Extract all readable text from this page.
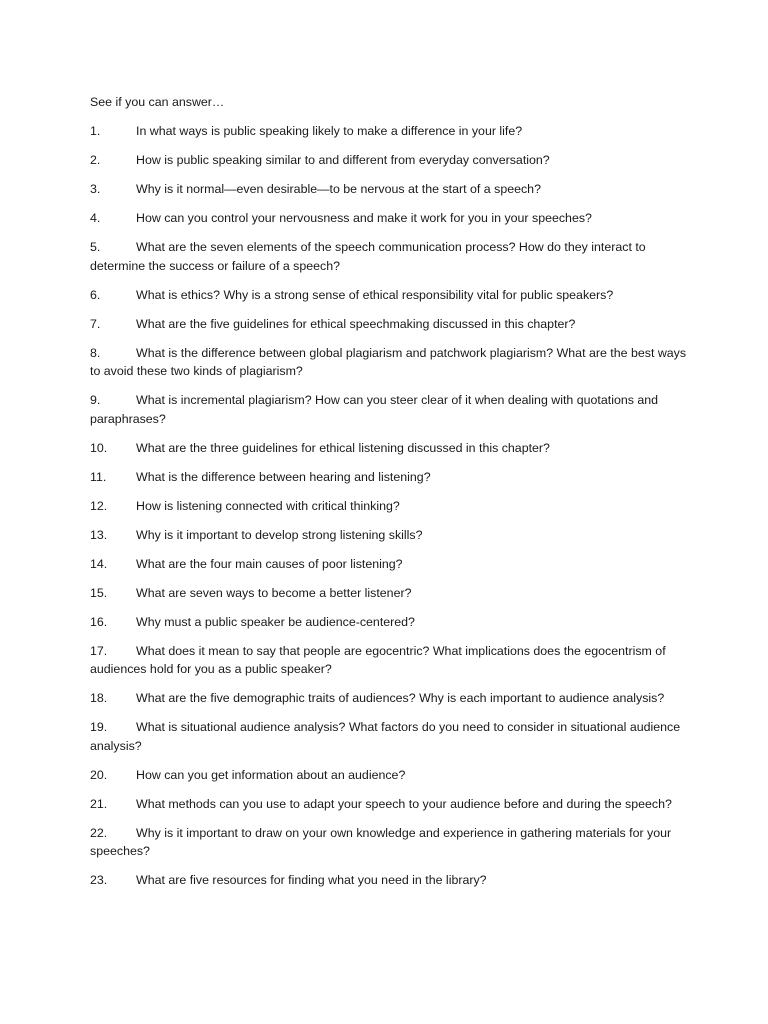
See if you can answer…

1.	In what ways is public speaking likely to make a difference in your life?

2.	How is public speaking similar to and different from everyday conversation?

3.	Why is it normal—even desirable—to be nervous at the start of a speech?

4.	How can you control your nervousness and make it work for you in your speeches?

5.	What are the seven elements of the speech communication process? How do they interact to determine the success or failure of a speech?

6.	What is ethics? Why is a strong sense of ethical responsibility vital for public speakers?

7.	What are the five guidelines for ethical speechmaking discussed in this chapter?

8.	What is the difference between global plagiarism and patchwork plagiarism? What are the best ways to avoid these two kinds of plagiarism?

9.	What is incremental plagiarism? How can you steer clear of it when dealing with quotations and paraphrases?

10. What are the three guidelines for ethical listening discussed in this chapter?

11. What is the difference between hearing and listening?

12. How is listening connected with critical thinking?

13. Why is it important to develop strong listening skills?

14. What are the four main causes of poor listening?

15. What are seven ways to become a better listener?

16. Why must a public speaker be audience-centered?

17. What does it mean to say that people are egocentric? What implications does the egocentrism of audiences hold for you as a public speaker?

18. What are the five demographic traits of audiences? Why is each important to audience analysis?

19. What is situational audience analysis? What factors do you need to consider in situational audience analysis?

20. How can you get information about an audience?

21. What methods can you use to adapt your speech to your audience before and during the speech?

22. Why is it important to draw on your own knowledge and experience in gathering materials for your speeches?

23. What are five resources for finding what you need in the library?
